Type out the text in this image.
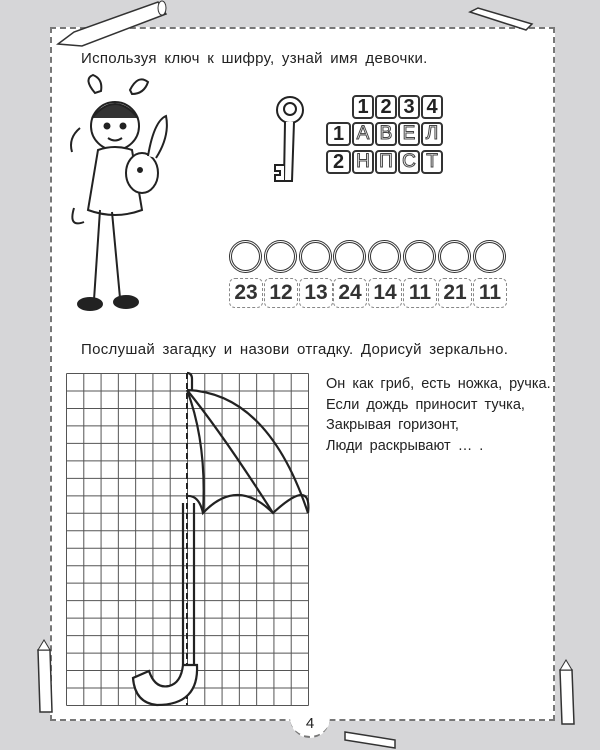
Используя ключ к шифру, узнай имя девочки.
1 2 3 4
1 А В Е Л
2 Н П С Т
23 12 13 24 14 11 21 11
Послушай загадку и назови отгадку. Дорисуй зеркально.
Он как гриб, есть ножка, ручка.
Если дождь приносит тучка,
Закрывая горизонт,
Люди раскрывают … .
4
